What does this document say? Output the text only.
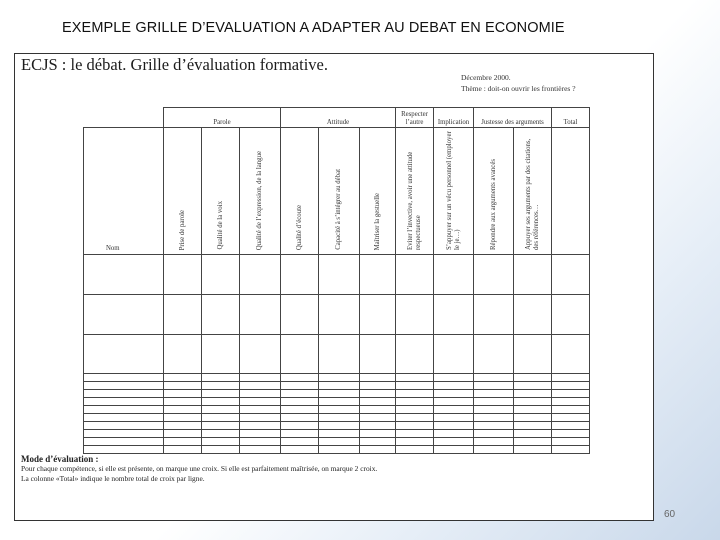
EXEMPLE GRILLE D’EVALUATION A ADAPTER AU DEBAT EN ECONOMIE
ECJS : le débat. Grille d’évaluation formative.
Décembre 2000.
Thème : doit-on ouvrir les frontières ?
	Parole			Attitude			Respecter l’autre	Implication	Justesse des arguments		Total
Nom	Prise de parole	Qualité de la voix	Qualité de l’expression, de la langue	Qualité d’écoute	Capacité à s’intégrer au débat	Maîtriser la gestuelle	Eviter l’invective, avoir une attitude respectueuse	S’appuyer sur un vécu personnel (employer le je…)	Répondre aux arguments avancés	Appuyer ses arguments par des citations, des références…	

Mode d’évaluation :
Pour chaque compétence, si elle est présente, on marque une croix. Si elle est parfaitement maîtrisée, on marque 2 croix.
La colonne «Total» indique le nombre total de croix par ligne.
60
